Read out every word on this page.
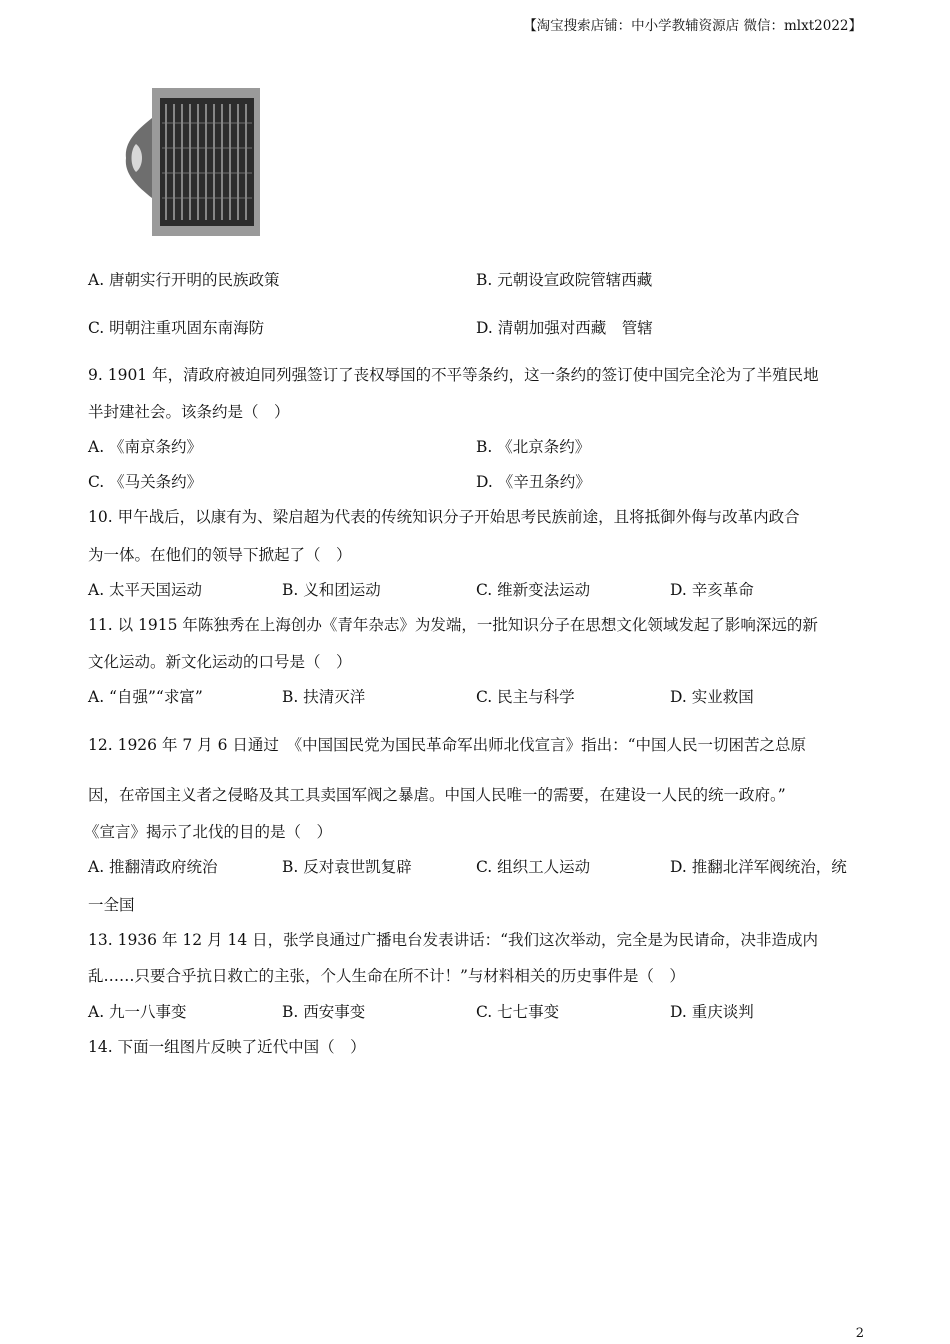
【淘宝搜索店铺：中小学教辅资源店 微信：mlxt2022】
A. 唐朝实行开明的民族政策	B. 元朝设宣政院管辖西藏
C. 明朝注重巩固东南海防	D. 清朝加强对西藏　管辖
9. 1901 年，清政府被迫同列强签订了丧权辱国的不平等条约，这一条约的签订使中国完全沦为了半殖民地
半封建社会。该条约是（　）
A. 《南京条约》	B. 《北京条约》
C. 《马关条约》	D. 《辛丑条约》
10. 甲午战后，以康有为、梁启超为代表的传统知识分子开始思考民族前途，且将抵御外侮与改革内政合
为一体。在他们的领导下掀起了（　）
A. 太平天国运动	B. 义和团运动	C. 维新变法运动	D. 辛亥革命
11. 以 1915 年陈独秀在上海创办《青年杂志》为发端，一批知识分子在思想文化领域发起了影响深远的新
文化运动。新文化运动的口号是（　）
A. “自强”“求富”	B. 扶清灭洋	C. 民主与科学	D. 实业救国
12. 1926 年 7 月 6 日通过　《中国国民党为国民革命军出师北伐宣言》指出：“中国人民一切困苦之总原
因，在帝国主义者之侵略及其工具卖国军阀之暴虐。中国人民唯一的需要，在建设一人民的统一政府。”
《宣言》揭示了北伐的目的是（　）
A. 推翻清政府统治	B. 反对袁世凯复辟	C. 组织工人运动	D. 推翻北洋军阀统治，统
一全国
13. 1936 年 12 月 14 日，张学良通过广播电台发表讲话：“我们这次举动，完全是为民请命，决非造成内
乱……只要合乎抗日救亡的主张，个人生命在所不计！”与材料相关的历史事件是（　）
A. 九一八事变	B. 西安事变	C. 七七事变	D. 重庆谈判
14. 下面一组图片反映了近代中国（　）
2
